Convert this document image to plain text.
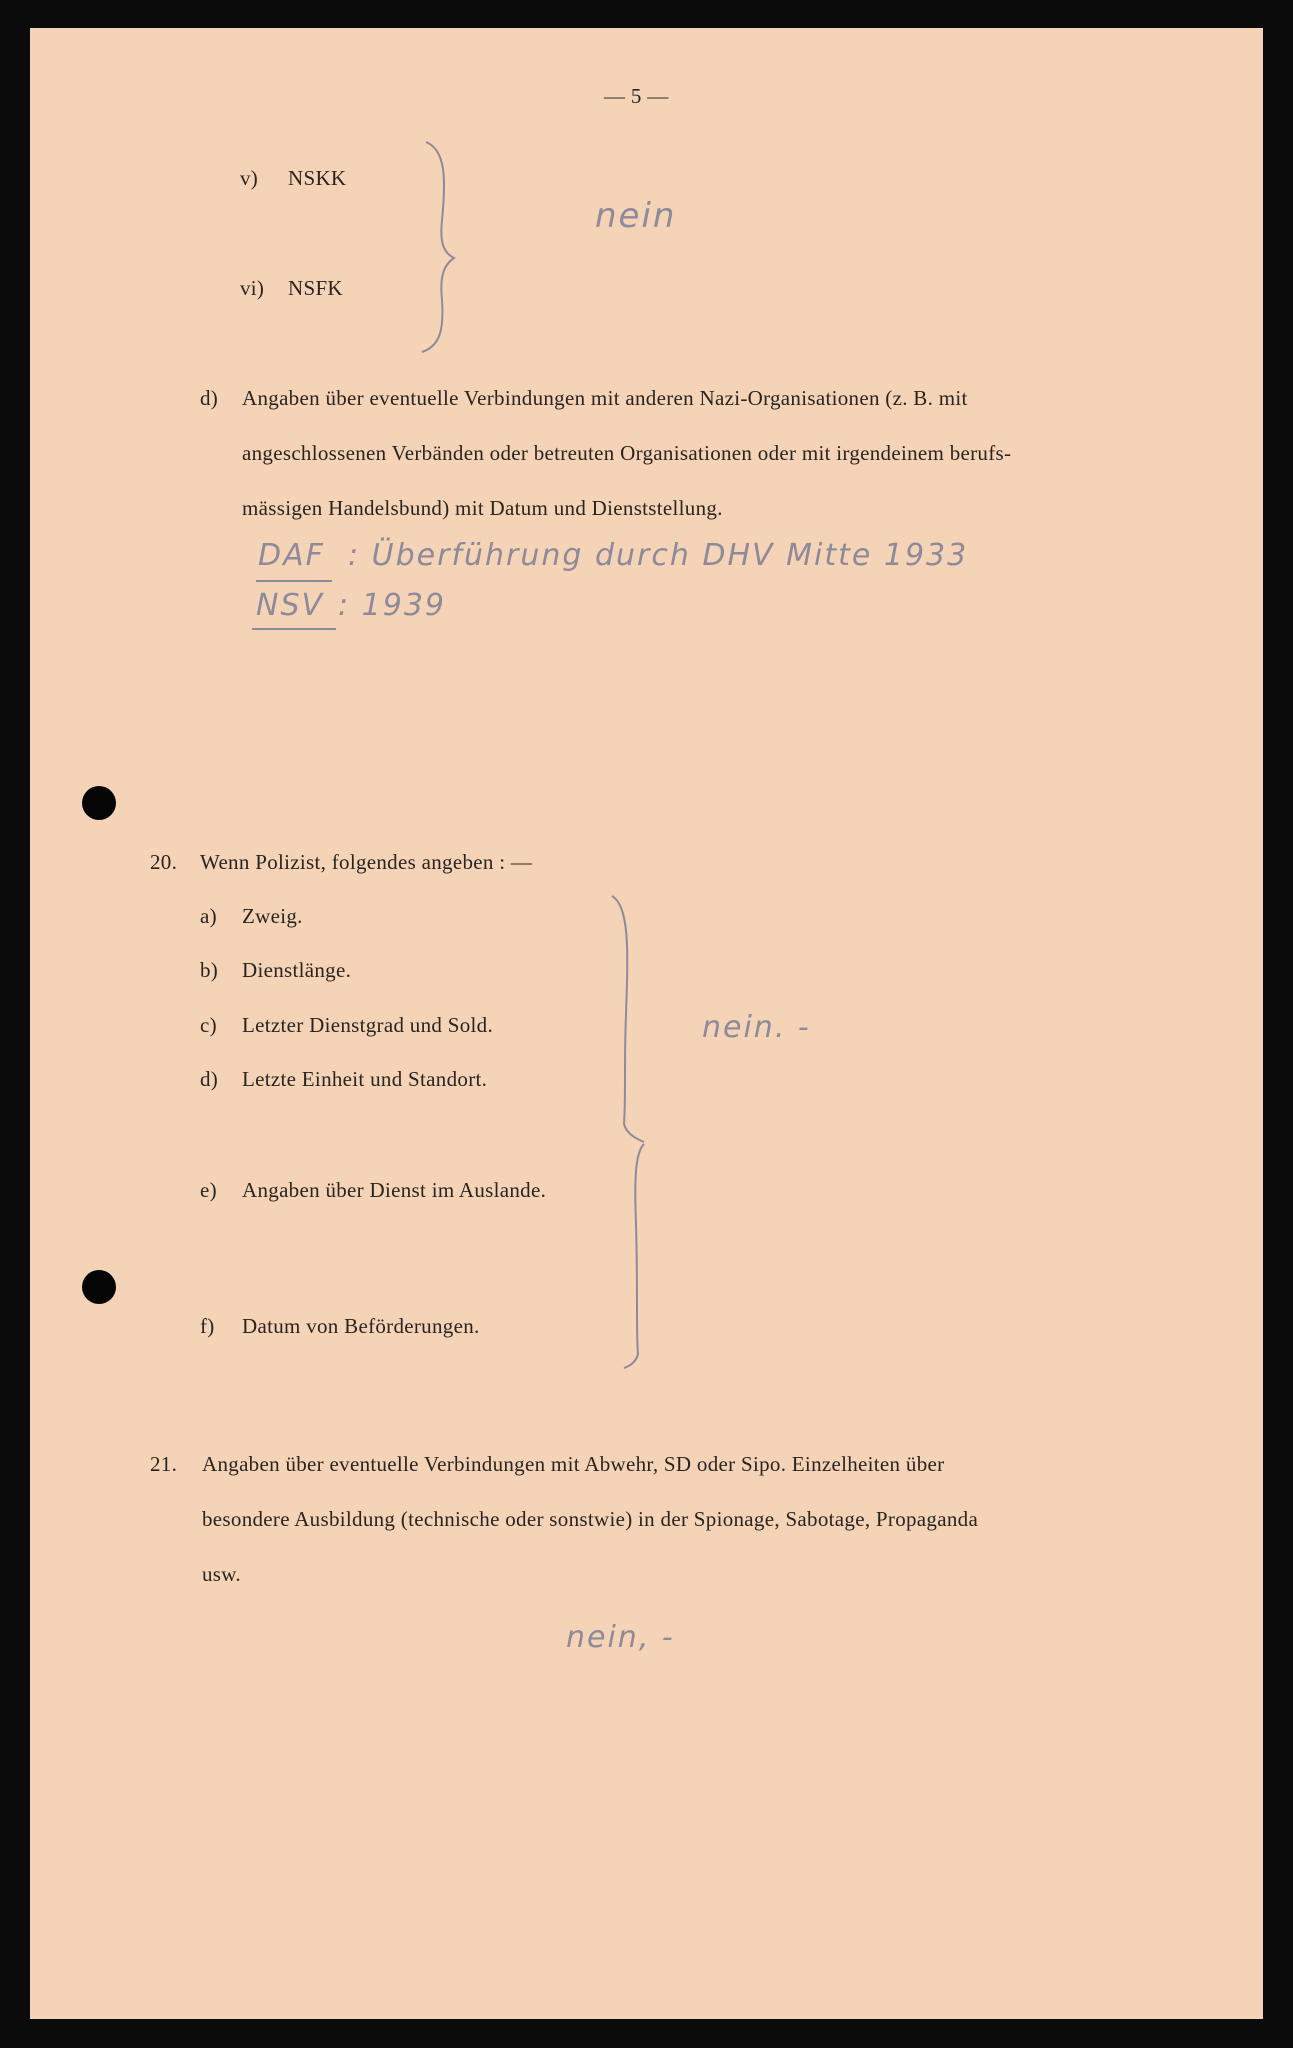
— 5 —
v) NSKK
vi) NSFK
nein
d) Angaben über eventuelle Verbindungen mit anderen Nazi-Organisationen (z. B. mit
angeschlossenen Verbänden oder betreuten Organisationen oder mit irgendeinem berufs-
mässigen Handelsbund) mit Datum und Dienststellung.
DAF : Überführung durch DHV Mitte 1933
NSV : 1939
20. Wenn Polizist, folgendes angeben : —
a) Zweig.
b) Dienstlänge.
c) Letzter Dienstgrad und Sold.
d) Letzte Einheit und Standort.
e) Angaben über Dienst im Auslande.
f) Datum von Beförderungen.
nein. -
21. Angaben über eventuelle Verbindungen mit Abwehr, SD oder Sipo. Einzelheiten über
besondere Ausbildung (technische oder sonstwie) in der Spionage, Sabotage, Propaganda
usw.
nein, -
